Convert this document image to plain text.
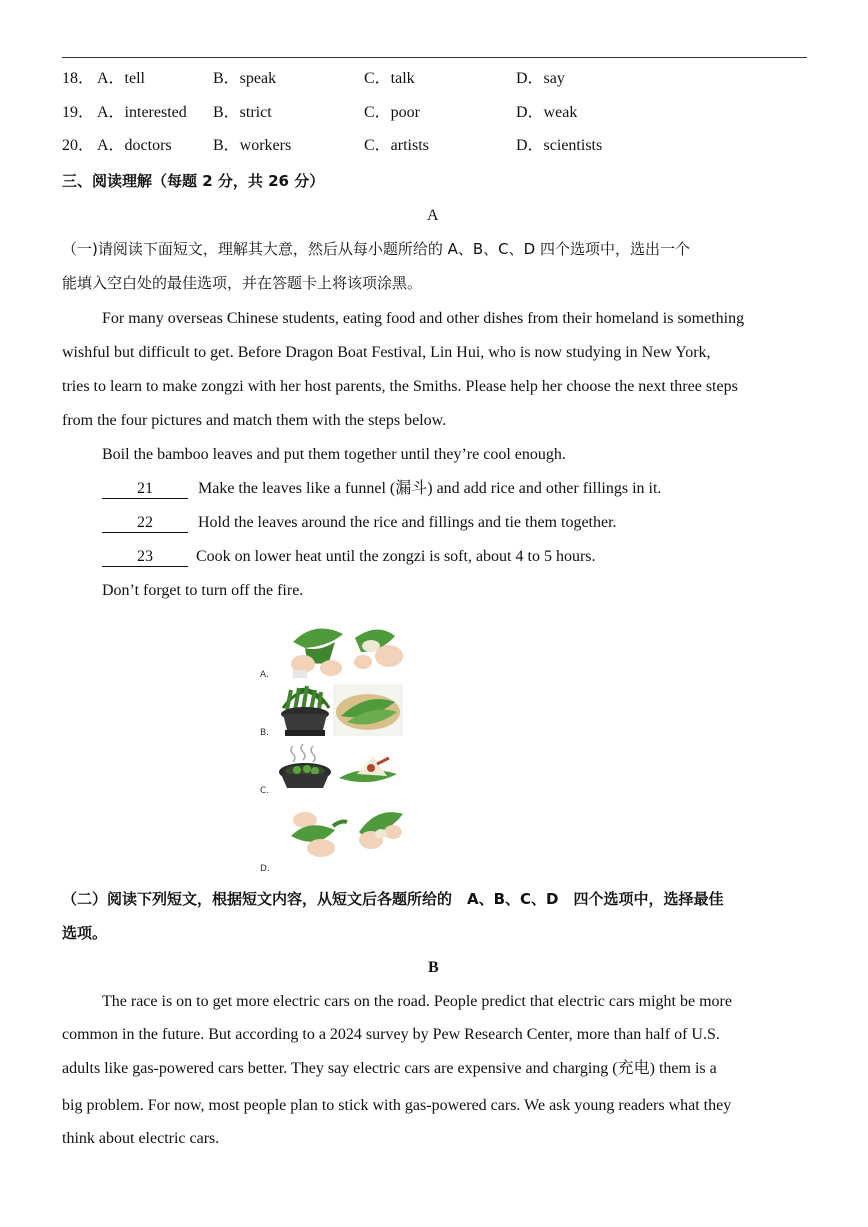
18． A．tell	B．speak	C．talk	D．say
19． A．interested B．strict	C．poor	D．weak
20． A．doctors	B．workers	C．artists	D．scientists
三、阅读理解（每题 2 分，共 26 分）
A
（一)请阅读下面短文，理解其大意，然后从每小题所给的 A、B、C、D 四个选项中，选出一个
能填入空白处的最佳选项，并在答题卡上将该项涂黑。
For many overseas Chinese students, eating food and other dishes from their homeland is something
wishful but difficult to get. Before Dragon Boat Festival, Lin Hui, who is now studying in New York,
tries to learn to make zongzi with her host parents, the Smiths. Please help her choose the next three steps
from the four pictures and match them with the steps below.
Boil the bamboo leaves and put them together until they’re cool enough.
21	Make the leaves like a funnel (漏斗) and add rice and other fillings in it.
22	Hold the leaves around the rice and fillings and tie them together.
23	Cook on lower heat until the zongzi is soft, about 4 to 5 hours.
Don’t forget to turn off the fire.
A.
B.
C.
D.
（二）阅读下列短文，根据短文内容，从短文后各题所给的　A、B、C、D　四个选项中，选择最佳
选项。
B
The race is on to get more electric cars on the road. People predict that electric cars might be more
common in the future. But according to a 2024 survey by Pew Research Center, more than half of U.S.
adults like gas-powered cars better. They say electric cars are expensive and charging (充电) them is a
big problem. For now, most people plan to stick with gas-powered cars. We ask young readers what they
think about electric cars.
